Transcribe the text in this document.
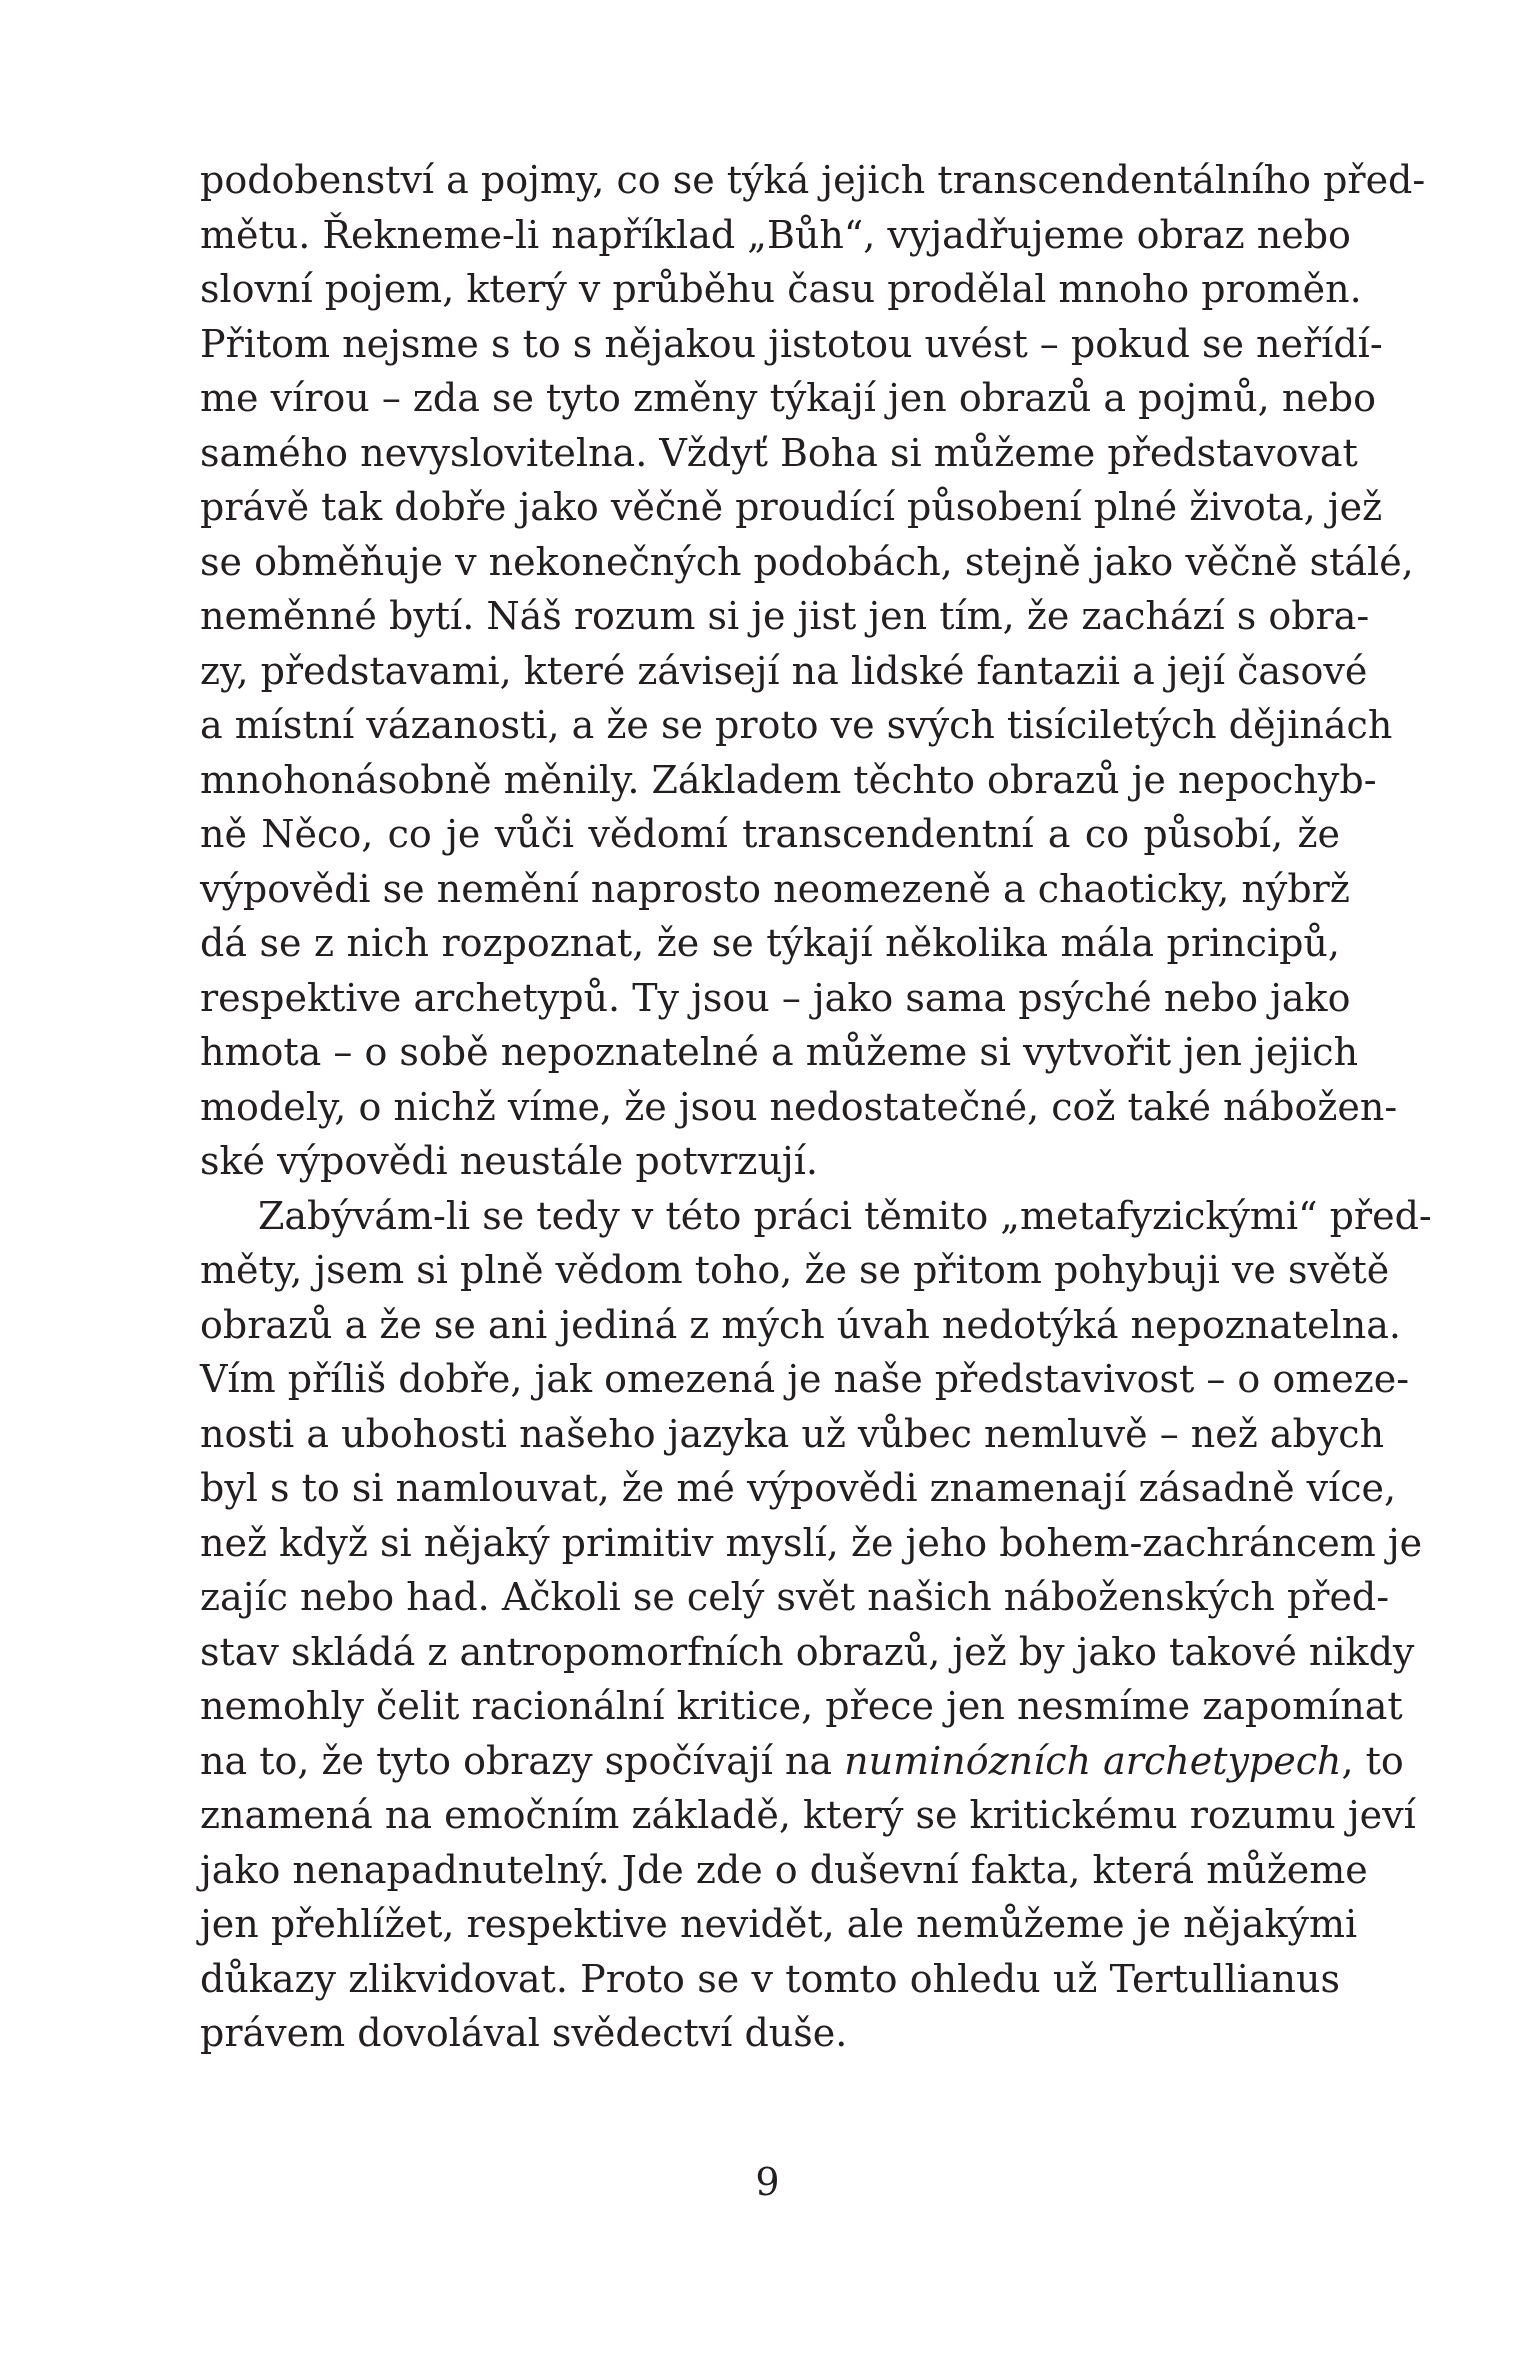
podobenství a pojmy, co se týká jejich transcendentálního před-
mětu. Řekneme-li například „Bůh“, vyjadřujeme obraz nebo
slovní pojem, který v průběhu času prodělal mnoho proměn.
Přitom nejsme s to s nějakou jistotou uvést – pokud se neřídí-
me vírou – zda se tyto změny týkají jen obrazů a pojmů, nebo
samého nevyslovitelna. Vždyť Boha si můžeme představovat
právě tak dobře jako věčně proudící působení plné života, jež
se obměňuje v nekonečných podobách, stejně jako věčně stálé,
neměnné bytí. Náš rozum si je jist jen tím, že zachází s obra-
zy, představami, které závisejí na lidské fantazii a její časové
a místní vázanosti, a že se proto ve svých tisíciletých dějinách
mnohonásobně měnily. Základem těchto obrazů je nepochyb-
ně Něco, co je vůči vědomí transcendentní a co působí, že
výpovědi se nemění naprosto neomezeně a chaoticky, nýbrž
dá se z nich rozpoznat, že se týkají několika mála principů,
respektive archetypů. Ty jsou – jako sama psýché nebo jako
hmota – o sobě nepoznatelné a můžeme si vytvořit jen jejich
modely, o nichž víme, že jsou nedostatečné, což také nábožen-
ské výpovědi neustále potvrzují.
Zabývám-li se tedy v této práci těmito „metafyzickými“ před-
měty, jsem si plně vědom toho, že se přitom pohybuji ve světě
obrazů a že se ani jediná z mých úvah nedotýká nepoznatelna.
Vím příliš dobře, jak omezená je naše představivost – o omeze-
nosti a ubohosti našeho jazyka už vůbec nemluvě – než abych
byl s to si namlouvat, že mé výpovědi znamenají zásadně více,
než když si nějaký primitiv myslí, že jeho bohem-zachráncem je
zajíc nebo had. Ačkoli se celý svět našich náboženských před-
stav skládá z antropomorfních obrazů, jež by jako takové nikdy
nemohly čelit racionální kritice, přece jen nesmíme zapomínat
na to, že tyto obrazy spočívají na numinózních archetypech, to
znamená na emočním základě, který se kritickému rozumu jeví
jako nenapadnutelný. Jde zde o duševní fakta, která můžeme
jen přehlížet, respektive nevidět, ale nemůžeme je nějakými
důkazy zlikvidovat. Proto se v tomto ohledu už Tertullianus
právem dovolával svědectví duše.
9
